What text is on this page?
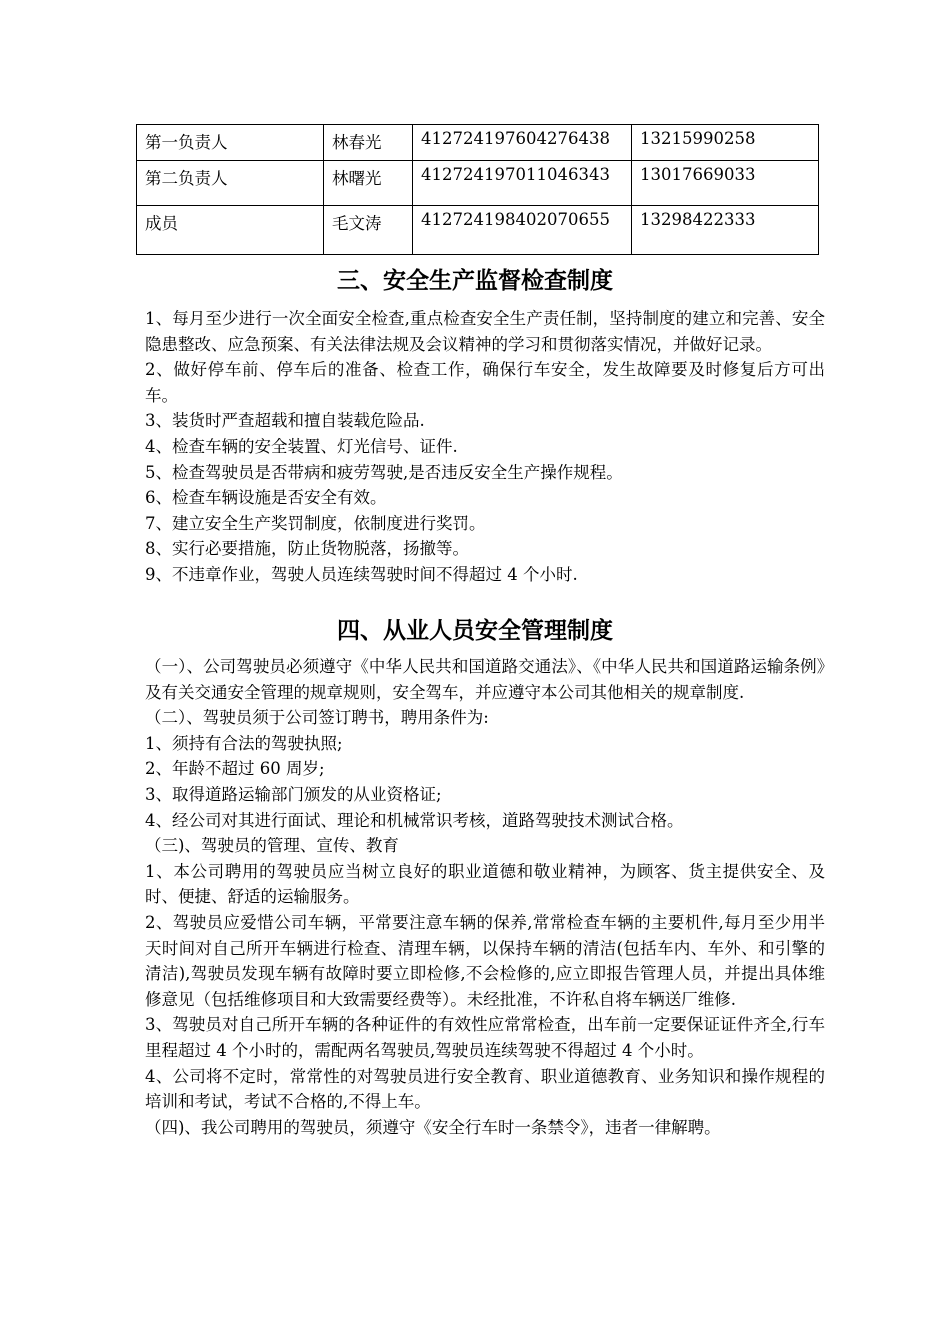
第一负责人	林春光	412724197604276438	13215990258
第二负责人	林曙光	412724197011046343	13017669033
成员	毛文涛	412724198402070655	13298422333
三、安全生产监督检查制度

1、每月至少进行一次全面安全检查,重点检查安全生产责任制，坚持制度的建立和完善、安全隐患整改、应急预案、有关法律法规及会议精神的学习和贯彻落实情况，并做好记录。

2、做好停车前、停车后的准备、检查工作，确保行车安全，发生故障要及时修复后方可出车。

3、装货时严查超载和擅自装载危险品.

4、检查车辆的安全装置、灯光信号、证件.

5、检查驾驶员是否带病和疲劳驾驶,是否违反安全生产操作规程。

6、检查车辆设施是否安全有效。

7、建立安全生产奖罚制度，依制度进行奖罚。

8、实行必要措施，防止货物脱落，扬撤等。

9、不违章作业，驾驶人员连续驾驶时间不得超过 4 个小时.

四、从业人员安全管理制度

（一）、公司驾驶员必须遵守《中华人民共和国道路交通法》、《中华人民共和国道路运输条例》及有关交通安全管理的规章规则，安全驾车，并应遵守本公司其他相关的规章制度.

（二）、驾驶员须于公司签订聘书，聘用条件为:

1、须持有合法的驾驶执照;

2、年龄不超过 60 周岁;

3、取得道路运输部门颁发的从业资格证;

4、经公司对其进行面试、理论和机械常识考核，道路驾驶技术测试合格。

（三)、驾驶员的管理、宣传、教育

1、本公司聘用的驾驶员应当树立良好的职业道德和敬业精神，为顾客、货主提供安全、及时、便捷、舒适的运输服务。

2、驾驶员应爱惜公司车辆，平常要注意车辆的保养,常常检查车辆的主要机件,每月至少用半天时间对自己所开车辆进行检查、清理车辆，以保持车辆的清洁(包括车内、车外、和引擎的清洁),驾驶员发现车辆有故障时要立即检修,不会检修的,应立即报告管理人员，并提出具体维修意见（包括维修项目和大致需要经费等）。未经批准，不许私自将车辆送厂维修.

3、驾驶员对自己所开车辆的各种证件的有效性应常常检查，出车前一定要保证证件齐全,行车里程超过 4 个小时的，需配两名驾驶员,驾驶员连续驾驶不得超过 4 个小时。

4、公司将不定时，常常性的对驾驶员进行安全教育、职业道德教育、业务知识和操作规程的培训和考试，考试不合格的,不得上车。

（四)、我公司聘用的驾驶员，须遵守《安全行车时一条禁令》，违者一律解聘。
